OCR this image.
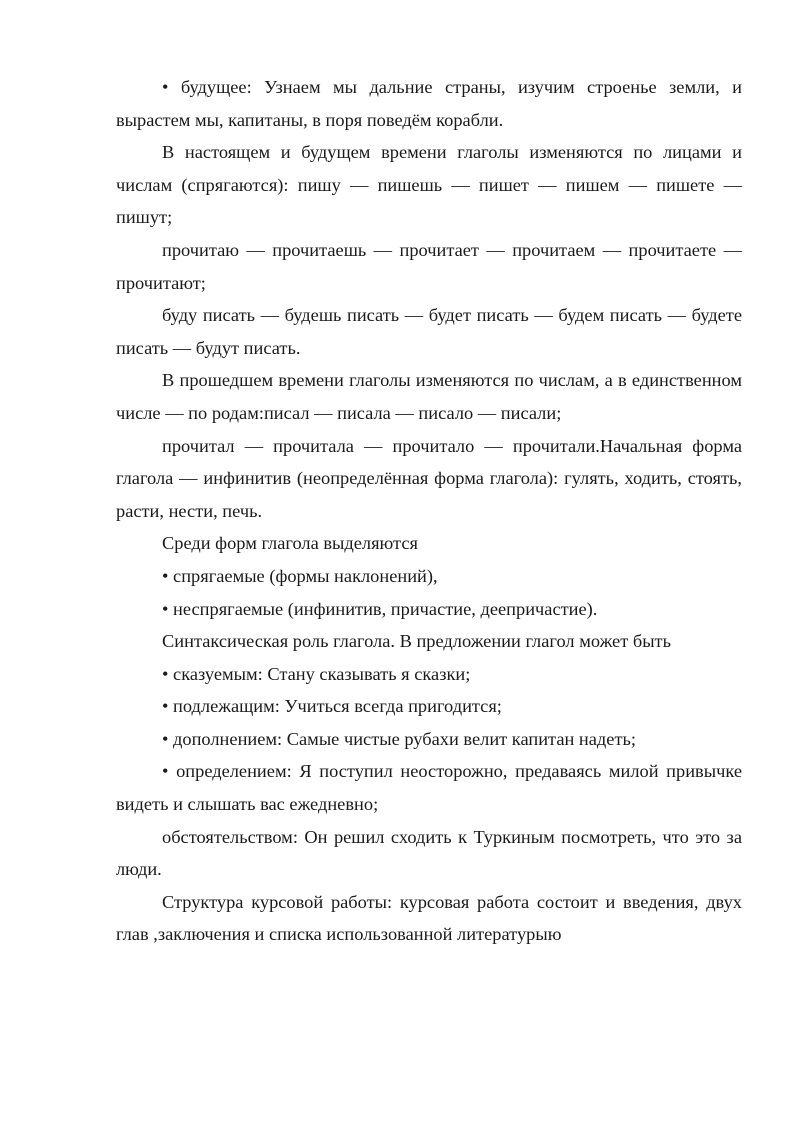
• будущее: Узнаем мы дальние страны, изучим строенье земли, и вырастем мы, капитаны, в поря поведём корабли.

В настоящем и будущем времени глаголы изменяются по лицами и числам (спрягаются): пишу — пишешь — пишет — пишем — пишете — пишут;

прочитаю — прочитаешь — прочитает — прочитаем — прочитаете — прочитают;

буду писать — будешь писать — будет писать — будем писать — будете писать — будут писать.

В прошедшем времени глаголы изменяются по числам, а в единственном числе — по родам:писал — писала — писало — писали;

прочитал — прочитала — прочитало — прочитали.Начальная форма глагола — инфинитив (неопределённая форма глагола): гулять, ходить, стоять, расти, нести, печь.

Среди форм глагола выделяются

• спрягаемые (формы наклонений),

• неспрягаемые (инфинитив, причастие, деепричастие).

Синтаксическая роль глагола. В предложении глагол может быть

• сказуемым: Стану сказывать я сказки;

• подлежащим: Учиться всегда пригодится;

• дополнением: Самые чистые рубахи велит капитан надеть;

• определением: Я поступил неосторожно, предаваясь милой привычке видеть и слышать вас ежедневно;

обстоятельством: Он решил сходить к Туркиным посмотреть, что это за люди.

Структура курсовой работы: курсовая работа состоит и введения, двух глав ,заключения и списка использованной литературыю
